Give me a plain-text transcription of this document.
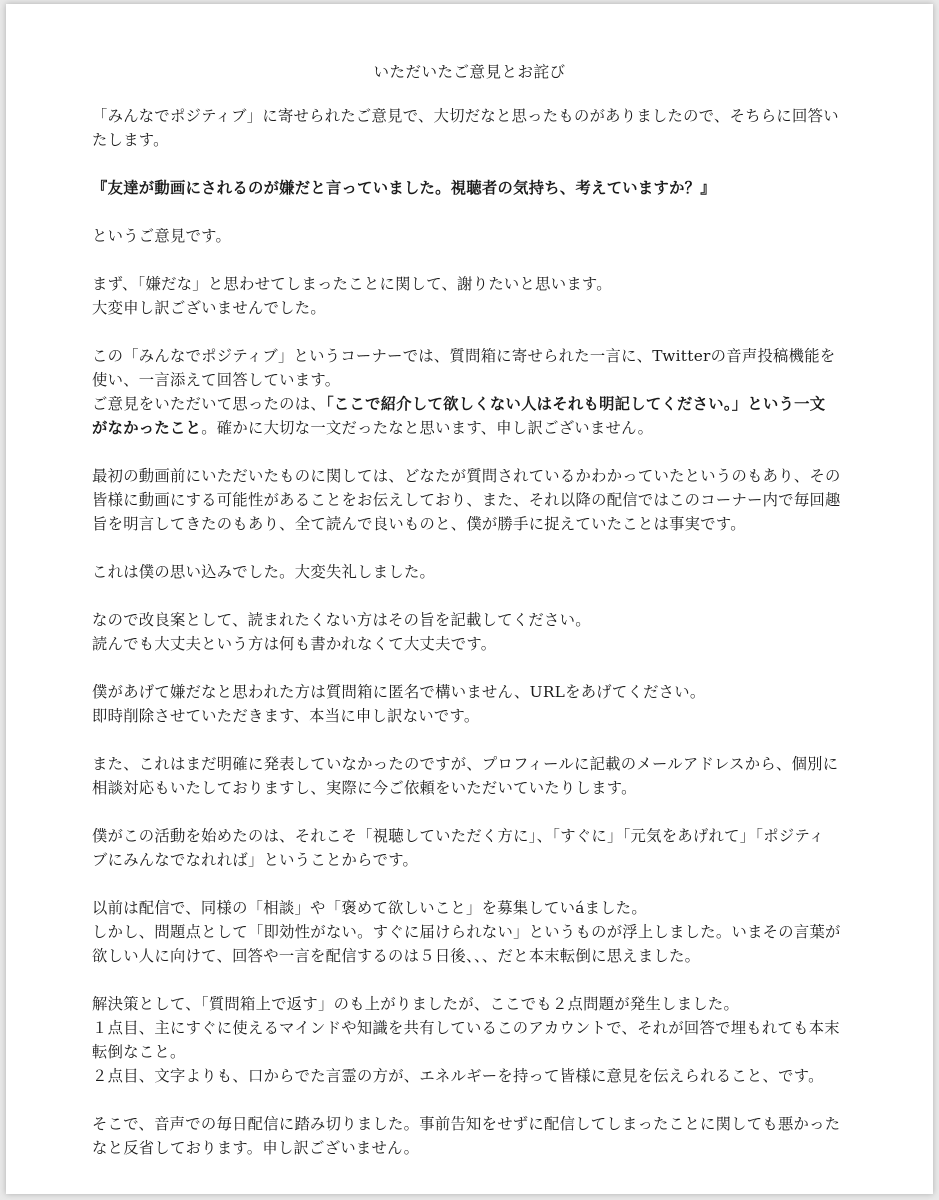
いただいたご意見とお詫び

「みんなでポジティブ」に寄せられたご意見で、大切だなと思ったものがありましたので、そちらに回答い
たします。

『友達が動画にされるのが嫌だと言っていました。視聴者の気持ち、考えていますか？』

というご意見です。

まず、「嫌だな」と思わせてしまったことに関して、謝りたいと思います。
大変申し訳ございませんでした。

この「みんなでポジティブ」というコーナーでは、質問箱に寄せられた一言に、Twitterの音声投稿機能を
使い、一言添えて回答しています。
ご意見をいただいて思ったのは、「ここで紹介して欲しくない人はそれも明記してください。」という一文
がなかったこと。確かに大切な一文だったなと思います、申し訳ございません。

最初の動画前にいただいたものに関しては、どなたが質問されているかわかっていたというのもあり、その
皆様に動画にする可能性があることをお伝えしており、また、それ以降の配信ではこのコーナー内で毎回趣
旨を明言してきたのもあり、全て読んで良いものと、僕が勝手に捉えていたことは事実です。

これは僕の思い込みでした。大変失礼しました。

なので改良案として、読まれたくない方はその旨を記載してください。
読んでも大丈夫という方は何も書かれなくて大丈夫です。

僕があげて嫌だなと思われた方は質問箱に匿名で構いません、URLをあげてください。
即時削除させていただきます、本当に申し訳ないです。

また、これはまだ明確に発表していなかったのですが、プロフィールに記載のメールアドレスから、個別に
相談対応もいたしておりますし、実際に今ご依頼をいただいていたりします。

僕がこの活動を始めたのは、それこそ「視聴していただく方に」、「すぐに」「元気をあげれて」「ポジティ
ブにみんなでなれれば」ということからです。

以前は配信で、同様の「相談」や「褒めて欲しいこと」を募集していáました。
しかし、問題点として「即効性がない。すぐに届けられない」というものが浮上しました。いまその言葉が
欲しい人に向けて、回答や一言を配信するのは５日後、、、だと本末転倒に思えました。

解決策として、「質問箱上で返す」のも上がりましたが、ここでも２点問題が発生しました。
１点目、主にすぐに使えるマインドや知識を共有しているこのアカウントで、それが回答で埋もれても本末
転倒なこと。
２点目、文字よりも、口からでた言霊の方が、エネルギーを持って皆様に意見を伝えられること、です。

そこで、音声での毎日配信に踏み切りました。事前告知をせずに配信してしまったことに関しても悪かった
なと反省しております。申し訳ございません。
